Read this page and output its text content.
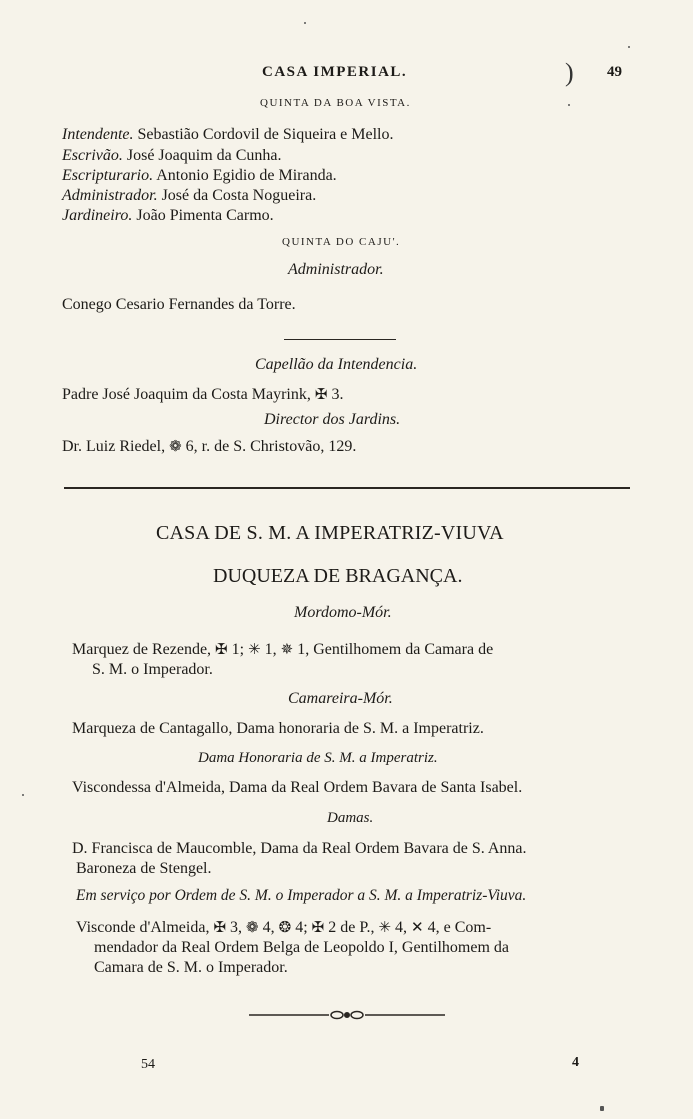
CASA IMPERIAL.	) 49
QUINTA DA BOA VISTA.
Intendente. Sebastião Cordovil de Siqueira e Mello.
Escrivão. José Joaquim da Cunha.
Escripturario. Antonio Egidio de Miranda.
Administrador. José da Costa Nogueira.
Jardineiro. João Pimenta Carmo.
QUINTA DO CAJU'.
Administrador.
Conego Cesario Fernandes da Torre.
Capellão da Intendencia.
Padre José Joaquim da Costa Mayrink, ✠ 3.
Director dos Jardins.
Dr. Luiz Riedel, ❁ 6, r. de S. Christovão, 129.
CASA DE S. M. A IMPERATRIZ-VIUVA
DUQUEZA DE BRAGANÇA.
Mordomo-Mór.
Marquez de Rezende, ✠ 1; ✳ 1, ✵ 1, Gentilhomem da Camara de
S. M. o Imperador.
Camareira-Mór.
Marqueza de Cantagallo, Dama honoraria de S. M. a Imperatriz.
Dama Honoraria de S. M. a Imperatriz.
Viscondessa d'Almeida, Dama da Real Ordem Bavara de Santa Isabel.
Damas.
D. Francisca de Maucomble, Dama da Real Ordem Bavara de S. Anna.
Baroneza de Stengel.
Em serviço por Ordem de S. M. o Imperador a S. M. a Imperatriz-Viuva.
Visconde d'Almeida, ✠ 3, ❁ 4, ❂ 4; ✠ 2 de P., ✳ 4, ✕ 4, e Com-
mendador da Real Ordem Belga de Leopoldo I, Gentilhomem da
Camara de S. M. o Imperador.
54	4
